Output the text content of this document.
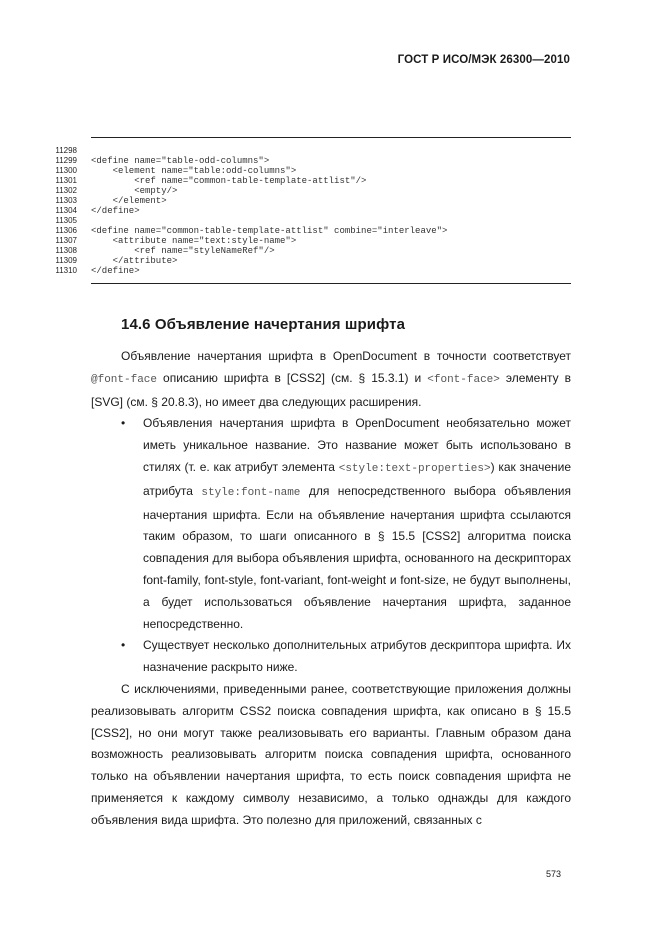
ГОСТ Р ИСО/МЭК 26300—2010
11298
11299 <define name="table-odd-columns">
11300 <element name="table:odd-columns">
11301 <ref name="common-table-template-attlist"/>
11302 <empty/>
11303 </element>
11304 </define>
11305
11306 <define name="common-table-template-attlist" combine="interleave">
11307 <attribute name="text:style-name">
11308 <ref name="styleNameRef"/>
11309 </attribute>
11310 </define>
14.6 Объявление начертания шрифта

Объявление начертания шрифта в OpenDocument в точности соответствует @font-face описанию шрифта в [CSS2] (см. § 15.3.1) и <font-face> элементу в [SVG] (см. § 20.8.3), но имеет два следующих расширения.

•	Объявления начертания шрифта в OpenDocument необязательно может иметь уникальное название. Это название может быть использовано в стилях (т. е. как атрибут элемента <style:text-properties>) как значение атрибута style:font-name для непосредственного выбора объявления начертания шрифта. Если на объявление начертания шрифта ссылаются таким образом, то шаги описанного в § 15.5 [CSS2] алгоритма поиска совпадения для выбора объявления шрифта, основанного на дескрипторах font-family, font-style, font-variant, font-weight и font-size, не будут выполнены, а будет использоваться объявление начертания шрифта, заданное непосредственно.
•	Существует несколько дополнительных атрибутов дескриптора шрифта. Их назначение раскрыто ниже.

С исключениями, приведенными ранее, соответствующие приложения должны реализовывать алгоритм CSS2 поиска совпадения шрифта, как описано в § 15.5 [CSS2], но они могут также реализовывать его варианты. Главным образом дана возможность реализовывать алгоритм поиска совпадения шрифта, основанного только на объявлении начертания шрифта, то есть поиск совпадения шрифта не применяется к каждому символу независимо, а только однажды для каждого объявления вида шрифта. Это полезно для приложений, связанных с

573
